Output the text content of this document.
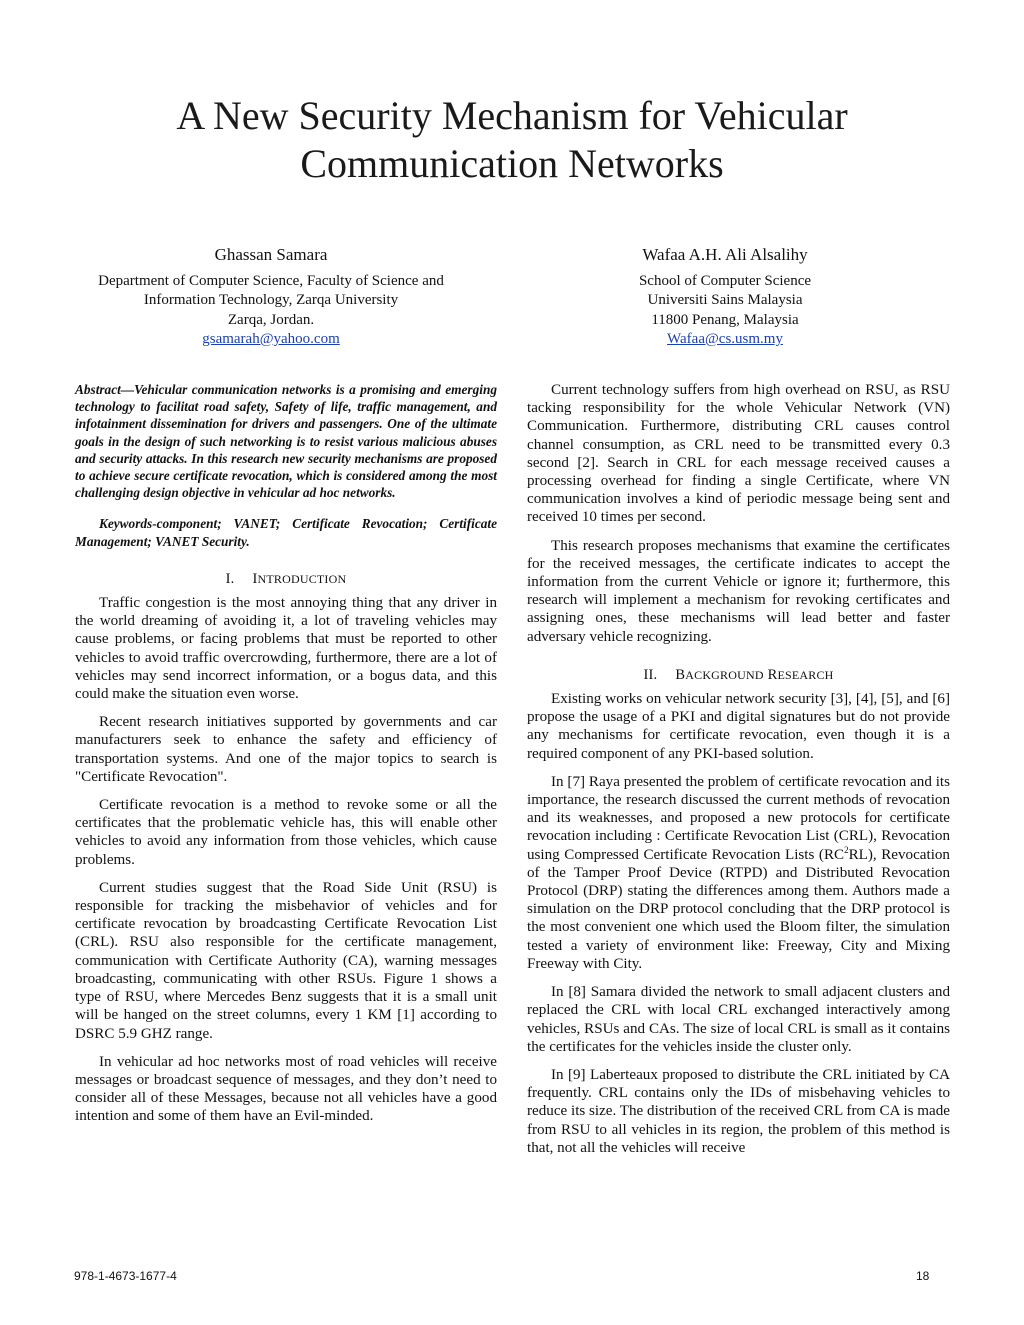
A New Security Mechanism for Vehicular
Communication Networks
Ghassan Samara
Department of Computer Science, Faculty of Science and
Information Technology, Zarqa University
Zarqa, Jordan.
gsamarah@yahoo.com
Wafaa A.H. Ali Alsalihy
School of Computer Science
Universiti Sains Malaysia
11800 Penang, Malaysia
Wafaa@cs.usm.my

Abstract—Vehicular communication networks is a promising and emerging technology to facilitat road safety, Safety of life, traffic management, and infotainment dissemination for drivers and passengers. One of the ultimate goals in the design of such networking is to resist various malicious abuses and security attacks. In this research new security mechanisms are proposed to achieve secure certificate revocation, which is considered among the most challenging design objective in vehicular ad hoc networks.

Keywords-component; VANET; Certificate Revocation; Certificate Management; VANET Security.

I. INTRODUCTION

Traffic congestion is the most annoying thing that any driver in the world dreaming of avoiding it, a lot of traveling vehicles may cause problems, or facing problems that must be reported to other vehicles to avoid traffic overcrowding, furthermore, there are a lot of vehicles may send incorrect information, or a bogus data, and this could make the situation even worse.

Recent research initiatives supported by governments and car manufacturers seek to enhance the safety and efficiency of transportation systems. And one of the major topics to search is "Certificate Revocation".

Certificate revocation is a method to revoke some or all the certificates that the problematic vehicle has, this will enable other vehicles to avoid any information from those vehicles, which cause problems.

Current studies suggest that the Road Side Unit (RSU) is responsible for tracking the misbehavior of vehicles and for certificate revocation by broadcasting Certificate Revocation List (CRL). RSU also responsible for the certificate management, communication with Certificate Authority (CA), warning messages broadcasting, communicating with other RSUs. Figure 1 shows a type of RSU, where Mercedes Benz suggests that it is a small unit will be hanged on the street columns, every 1 KM [1] according to DSRC 5.9 GHZ range.

In vehicular ad hoc networks most of road vehicles will receive messages or broadcast sequence of messages, and they don’t need to consider all of these Messages, because not all vehicles have a good intention and some of them have an Evil-minded.

Current technology suffers from high overhead on RSU, as RSU tacking responsibility for the whole Vehicular Network (VN) Communication. Furthermore, distributing CRL causes control channel consumption, as CRL need to be transmitted every 0.3 second [2]. Search in CRL for each message received causes a processing overhead for finding a single Certificate, where VN communication involves a kind of periodic message being sent and received 10 times per second.

This research proposes mechanisms that examine the certificates for the received messages, the certificate indicates to accept the information from the current Vehicle or ignore it; furthermore, this research will implement a mechanism for revoking certificates and assigning ones, these mechanisms will lead better and faster adversary vehicle recognizing.

II. BACKGROUND RESEARCH

Existing works on vehicular network security [3], [4], [5], and [6] propose the usage of a PKI and digital signatures but do not provide any mechanisms for certificate revocation, even though it is a required component of any PKI-based solution.

In [7] Raya presented the problem of certificate revocation and its importance, the research discussed the current methods of revocation and its weaknesses, and proposed a new protocols for certificate revocation including : Certificate Revocation List (CRL), Revocation using Compressed Certificate Revocation Lists $(RC^2RL)$, Revocation of the Tamper Proof Device (RTPD) and Distributed Revocation Protocol (DRP) stating the differences among them. Authors made a simulation on the DRP protocol concluding that the DRP protocol is the most convenient one which used the Bloom filter, the simulation tested a variety of environment like: Freeway, City and Mixing Freeway with City.

In [8] Samara divided the network to small adjacent clusters and replaced the CRL with local CRL exchanged interactively among vehicles, RSUs and CAs. The size of local CRL is small as it contains the certificates for the vehicles inside the cluster only.

In [9] Laberteaux proposed to distribute the CRL initiated by CA frequently. CRL contains only the IDs of misbehaving vehicles to reduce its size. The distribution of the received CRL from CA is made from RSU to all vehicles in its region, the problem of this method is that, not all the vehicles will receive

978-1-4673-1677-4	18
